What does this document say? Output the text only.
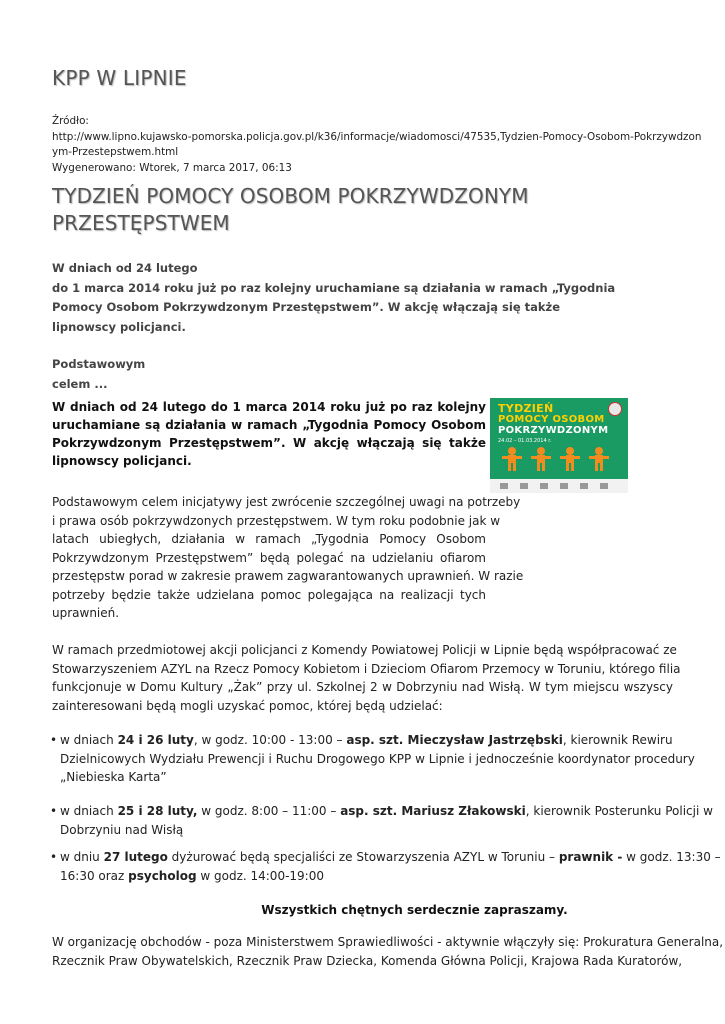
KPP W LIPNIE
Źródło:
http://www.lipno.kujawsko-pomorska.policja.gov.pl/k36/informacje/wiadomosci/47535,Tydzien-Pomocy-Osobom-Pokrzywdzon
ym-Przestepstwem.html
Wygenerowano: Wtorek, 7 marca 2017, 06:13
TYDZIEŃ POMOCY OSOBOM POKRZYWDZONYM
PRZESTĘPSTWEM
W dniach od 24 lutego
do 1 marca 2014 roku już po raz kolejny uruchamiane są działania w ramach „Tygodnia
Pomocy Osobom Pokrzywdzonym Przestępstwem”. W akcję włączają się także
lipnowscy policjanci.
Podstawowym
celem ...
W dniach od 24 lutego do 1 marca 2014 roku już po raz kolejny
uruchamiane są działania w ramach „Tygodnia Pomocy Osobom
Pokrzywdzonym Przestępstwem”. W akcję włączają się także
lipnowscy policjanci.
TYDZIEŃ
POMOCY OSOBOM
POKRZYWDZONYM
24.02 – 01.03.2014 r.
Podstawowym celem inicjatywy jest zwrócenie szczególnej uwagi na potrzeby
i prawa osób pokrzywdzonych przestępstwem. W tym roku podobnie jak w
latach ubiegłych, działania w ramach „Tygodnia Pomocy Osobom
Pokrzywdzonym Przestępstwem” będą polegać na udzielaniu ofiarom
przestępstw porad w zakresie prawem zagwarantowanych uprawnień. W razie
potrzeby będzie także udzielana pomoc polegająca na realizacji tych
uprawnień.
W ramach przedmiotowej akcji policjanci z Komendy Powiatowej Policji w Lipnie będą współpracować ze
Stowarzyszeniem AZYL na Rzecz Pomocy Kobietom i Dzieciom Ofiarom Przemocy w Toruniu, którego filia
funkcjonuje w Domu Kultury „Żak” przy ul. Szkolnej 2 w Dobrzyniu nad Wisłą. W tym miejscu wszyscy
zainteresowani będą mogli uzyskać pomoc, której będą udzielać:
• w dniach 24 i 26 luty, w godz. 10:00 - 13:00 – asp. szt. Mieczysław Jastrzębski, kierownik Rewiru
Dzielnicowych Wydziału Prewencji i Ruchu Drogowego KPP w Lipnie i jednocześnie koordynator procedury
„Niebieska Karta”
• w dniach 25 i 28 luty, w godz. 8:00 – 11:00 – asp. szt. Mariusz Złakowski, kierownik Posterunku Policji w
Dobrzyniu nad Wisłą
• w dniu 27 lutego dyżurować będą specjaliści ze Stowarzyszenia AZYL w Toruniu – prawnik - w godz. 13:30 –
16:30 oraz psycholog w godz. 14:00-19:00
Wszystkich chętnych serdecznie zapraszamy.
W organizację obchodów - poza Ministerstwem Sprawiedliwości - aktywnie włączyły się: Prokuratura Generalna,
Rzecznik Praw Obywatelskich, Rzecznik Praw Dziecka, Komenda Główna Policji, Krajowa Rada Kuratorów,
